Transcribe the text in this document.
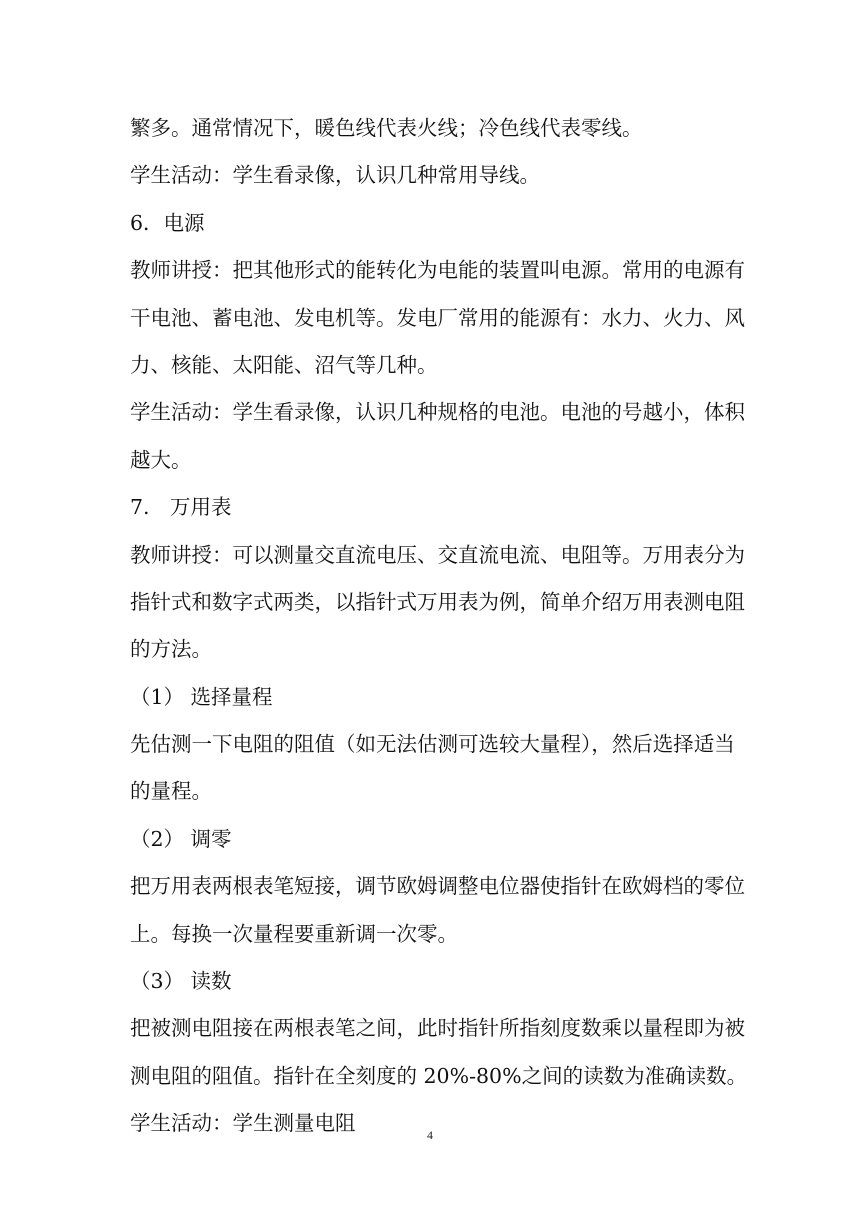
繁多。通常情况下，暖色线代表火线；冷色线代表零线。
学生活动：学生看录像，认识几种常用导线。
6．电源
教师讲授：把其他形式的能转化为电能的装置叫电源。常用的电源有
干电池、蓄电池、发电机等。发电厂常用的能源有：水力、火力、风
力、核能、太阳能、沼气等几种。
学生活动：学生看录像，认识几种规格的电池。电池的号越小，体积
越大。
7.　万用表
教师讲授：可以测量交直流电压、交直流电流、电阻等。万用表分为
指针式和数字式两类，以指针式万用表为例，简单介绍万用表测电阻
的方法。
（1） 选择量程
先估测一下电阻的阻值（如无法估测可选较大量程），然后选择适当
的量程。
（2） 调零
把万用表两根表笔短接，调节欧姆调整电位器使指针在欧姆档的零位
上。每换一次量程要重新调一次零。
（3） 读数
把被测电阻接在两根表笔之间，此时指针所指刻度数乘以量程即为被
测电阻的阻值。指针在全刻度的 20%-80%之间的读数为准确读数。
学生活动：学生测量电阻	4
